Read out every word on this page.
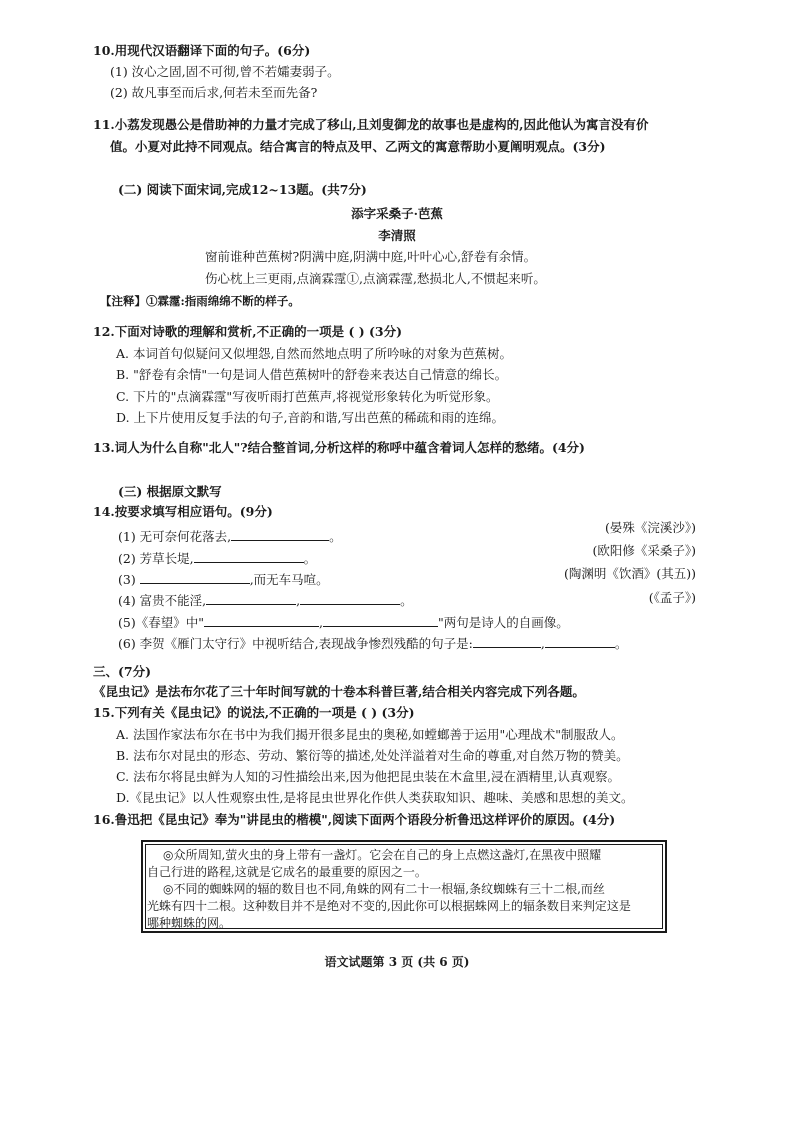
10.用现代汉语翻译下面的句子。(6分)
(1) 汝心之固,固不可彻,曾不若孀妻弱子。
(2) 故凡事至而后求,何若未至而先备?
11.小荔发现愚公是借助神的力量才完成了移山,且刘叟御龙的故事也是虚构的,因此他认为寓言没有价
值。小夏对此持不同观点。结合寓言的特点及甲、乙两文的寓意帮助小夏阐明观点。(3分)
(二) 阅读下面宋词,完成12~13题。(共7分)
添字采桑子·芭蕉
李清照
窗前谁种芭蕉树?阴满中庭,阴满中庭,叶叶心心,舒卷有余情。
伤心枕上三更雨,点滴霖霪①,点滴霖霪,愁损北人,不惯起来听。
【注释】①霖霪:指雨绵绵不断的样子。
12.下面对诗歌的理解和赏析,不正确的一项是 ( ) (3分)
A. 本词首句似疑问又似埋怨,自然而然地点明了所吟咏的对象为芭蕉树。
B. "舒卷有余情"一句是词人借芭蕉树叶的舒卷来表达自己情意的绵长。
C. 下片的"点滴霖霪"写夜听雨打芭蕉声,将视觉形象转化为听觉形象。
D. 上下片使用反复手法的句子,音韵和谐,写出芭蕉的稀疏和雨的连绵。
13.词人为什么自称"北人"?结合整首词,分析这样的称呼中蕴含着词人怎样的愁绪。(4分)
(三) 根据原文默写
14.按要求填写相应语句。(9分)
(1) 无可奈何花落去,	。
(2) 芳草长堤,	。
(3)	,而无车马喧。
(4) 富贵不能淫,	,	。
(5)《春望》中"	,	"两句是诗人的自画像。
(6) 李贺《雁门太守行》中视听结合,表现战争惨烈残酷的句子是:	,	。
(晏殊《浣溪沙》)
(欧阳修《采桑子》)
(陶渊明《饮酒》(其五))
(《孟子》)
三、(7分)
《昆虫记》是法布尔花了三十年时间写就的十卷本科普巨著,结合相关内容完成下列各题。
15.下列有关《昆虫记》的说法,不正确的一项是 ( ) (3分)
A. 法国作家法布尔在书中为我们揭开很多昆虫的奥秘,如螳螂善于运用"心理战术"制服敌人。
B. 法布尔对昆虫的形态、劳动、繁衍等的描述,处处洋溢着对生命的尊重,对自然万物的赞美。
C. 法布尔将昆虫鲜为人知的习性描绘出来,因为他把昆虫装在木盒里,浸在酒精里,认真观察。
D.《昆虫记》以人性观察虫性,是将昆虫世界化作供人类获取知识、趣味、美感和思想的美文。
16.鲁迅把《昆虫记》奉为"讲昆虫的楷模",阅读下面两个语段分析鲁迅这样评价的原因。(4分)
◎众所周知,萤火虫的身上带有一盏灯。它会在自己的身上点燃这盏灯,在黑夜中照耀
自己行进的路程,这就是它成名的最重要的原因之一。
◎不同的蜘蛛网的辐的数目也不同,角蛛的网有二十一根辐,条纹蜘蛛有三十二根,而丝
光蛛有四十二根。这种数目并不是绝对不变的,因此你可以根据蛛网上的辐条数目来判定这是
哪种蜘蛛的网。
语文试题第 3 页 (共 6 页)
